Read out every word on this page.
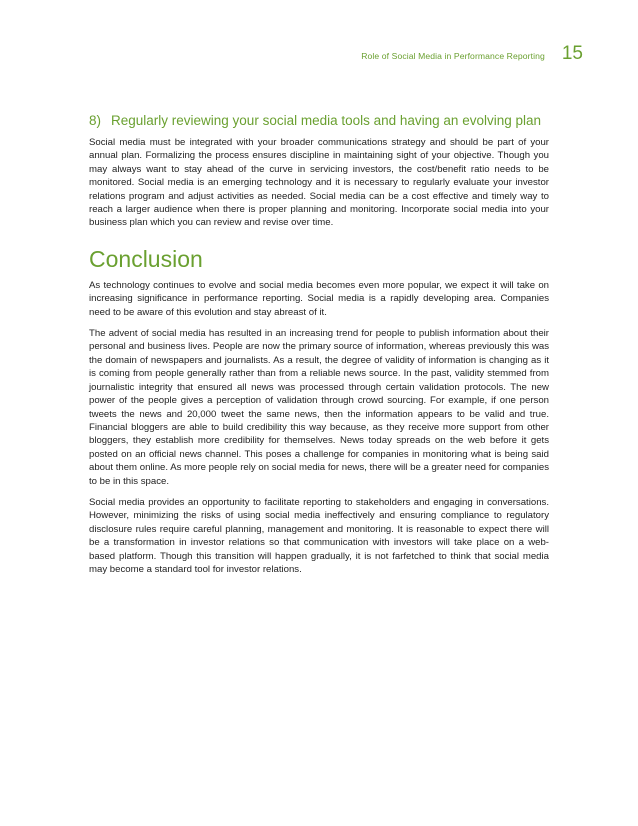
Role of Social Media in Performance Reporting 15
8) Regularly reviewing your social media tools and having an evolving plan

Social media must be integrated with your broader communications strategy and should be part of your annual plan. Formalizing the process ensures discipline in maintaining sight of your objective. Though you may always want to stay ahead of the curve in servicing investors, the cost/benefit ratio needs to be monitored. Social media is an emerging technology and it is necessary to regularly evaluate your investor relations program and adjust activities as needed. Social media can be a cost effective and timely way to reach a larger audience when there is proper planning and monitoring. Incorporate social media into your business plan which you can review and revise over time.

Conclusion

As technology continues to evolve and social media becomes even more popular, we expect it will take on increasing significance in performance reporting. Social media is a rapidly developing area. Companies need to be aware of this evolution and stay abreast of it.

The advent of social media has resulted in an increasing trend for people to publish information about their personal and business lives. People are now the primary source of information, whereas previously this was the domain of newspapers and journalists. As a result, the degree of validity of information is changing as it is coming from people generally rather than from a reliable news source. In the past, validity stemmed from journalistic integrity that ensured all news was processed through certain validation protocols. The new power of the people gives a perception of validation through crowd sourcing. For example, if one person tweets the news and 20,000 tweet the same news, then the information appears to be valid and true. Financial bloggers are able to build credibility this way because, as they receive more support from other bloggers, they establish more credibility for themselves. News today spreads on the web before it gets posted on an official news channel. This poses a challenge for companies in monitoring what is being said about them online. As more people rely on social media for news, there will be a greater need for companies to be in this space.

Social media provides an opportunity to facilitate reporting to stakeholders and engaging in conversations. However, minimizing the risks of using social media ineffectively and ensuring compliance to regulatory disclosure rules require careful planning, management and monitoring. It is reasonable to expect there will be a transformation in investor relations so that communication with investors will take place on a web-based platform. Though this transition will happen gradually, it is not farfetched to think that social media may become a standard tool for investor relations.
